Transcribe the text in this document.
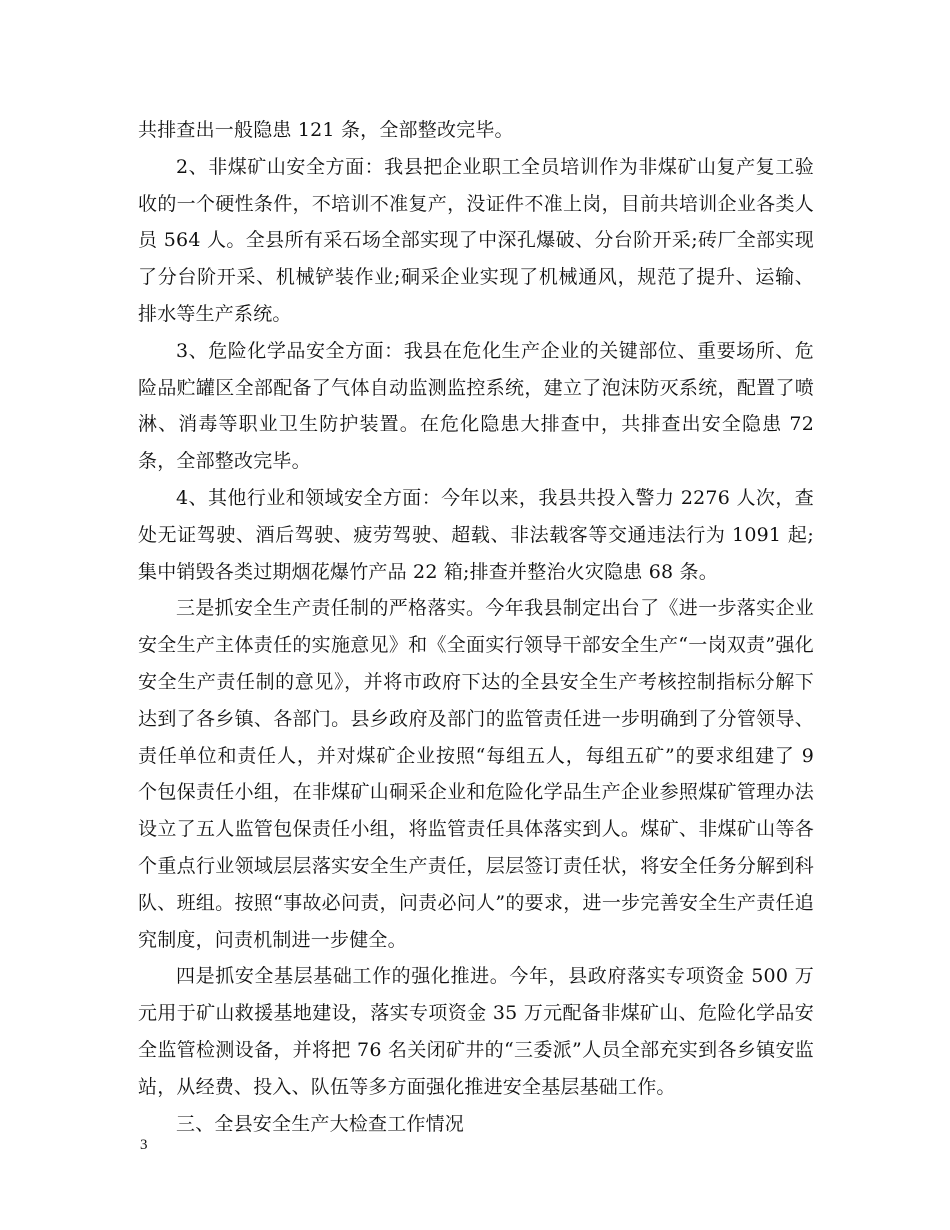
共排查出一般隐患 121 条，全部整改完毕。

2、非煤矿山安全方面：我县把企业职工全员培训作为非煤矿山复产复工验收的一个硬性条件，不培训不准复产，没证件不准上岗，目前共培训企业各类人员 564 人。全县所有采石场全部实现了中深孔爆破、分台阶开采;砖厂全部实现了分台阶开采、机械铲装作业;硐采企业实现了机械通风，规范了提升、运输、排水等生产系统。

3、危险化学品安全方面：我县在危化生产企业的关键部位、重要场所、危险品贮罐区全部配备了气体自动监测监控系统，建立了泡沫防灭系统，配置了喷淋、消毒等职业卫生防护装置。在危化隐患大排查中，共排查出安全隐患 72 条，全部整改完毕。

4、其他行业和领域安全方面：今年以来，我县共投入警力 2276 人次，查处无证驾驶、酒后驾驶、疲劳驾驶、超载、非法载客等交通违法行为 1091 起;集中销毁各类过期烟花爆竹产品 22 箱;排查并整治火灾隐患 68 条。

三是抓安全生产责任制的严格落实。今年我县制定出台了《进一步落实企业安全生产主体责任的实施意见》和《全面实行领导干部安全生产“一岗双责”强化安全生产责任制的意见》，并将市政府下达的全县安全生产考核控制指标分解下达到了各乡镇、各部门。县乡政府及部门的监管责任进一步明确到了分管领导、责任单位和责任人，并对煤矿企业按照“每组五人，每组五矿”的要求组建了 9 个包保责任小组，在非煤矿山硐采企业和危险化学品生产企业参照煤矿管理办法设立了五人监管包保责任小组，将监管责任具体落实到人。煤矿、非煤矿山等各个重点行业领域层层落实安全生产责任，层层签订责任状，将安全任务分解到科队、班组。按照“事故必问责，问责必问人”的要求，进一步完善安全生产责任追究制度，问责机制进一步健全。

四是抓安全基层基础工作的强化推进。今年，县政府落实专项资金 500 万元用于矿山救援基地建设，落实专项资金 35 万元配备非煤矿山、危险化学品安全监管检测设备，并将把 76 名关闭矿井的“三委派”人员全部充实到各乡镇安监站，从经费、投入、队伍等多方面强化推进安全基层基础工作。

三、全县安全生产大检查工作情况

3
